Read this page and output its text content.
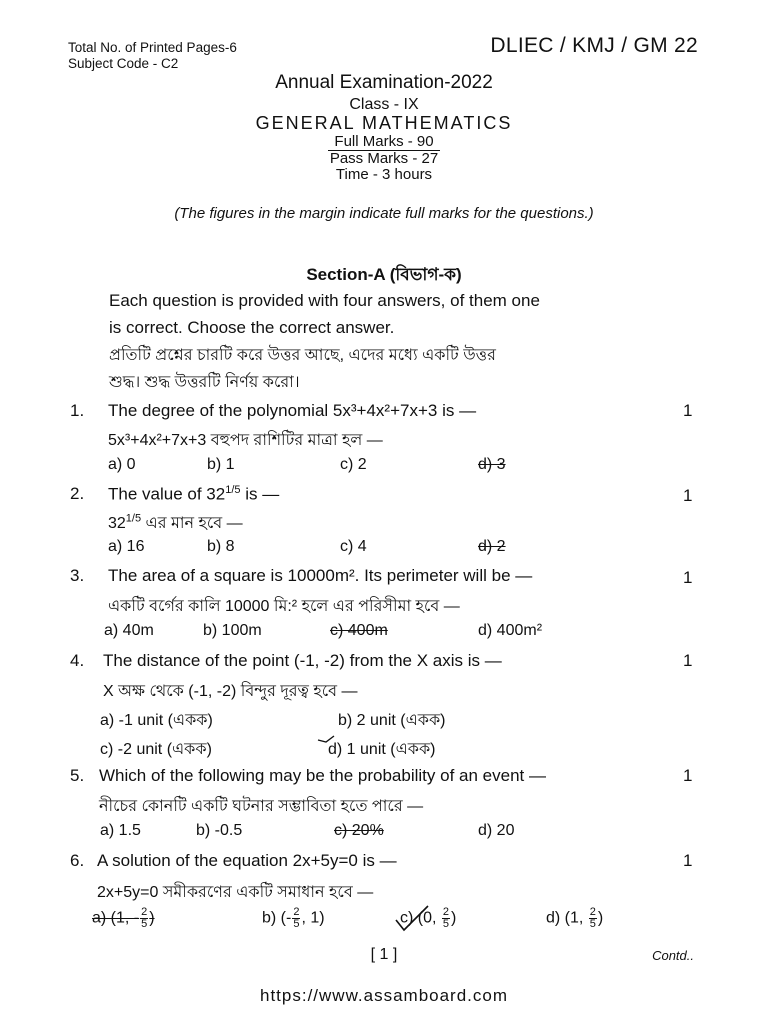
Total No. of Printed Pages-6
Subject Code - C2
DLIEC / KMJ / GM 22
Annual Examination-2022
Class - IX
GENERAL MATHEMATICS
Full Marks - 90
Pass Marks - 27
Time - 3 hours
(The figures in the margin indicate full marks for the questions.)
Section-A (বিভাগ-ক)
Each question is provided with four answers, of them one
is correct. Choose the correct answer.
প্রতিটি প্রশ্নের চারটি করে উত্তর আছে, এদের মধ্যে একটি উত্তর
শুদ্ধ। শুদ্ধ উত্তরটি নির্ণয় করো।
1. The degree of the polynomial 5x³+4x²+7x+3 is —	1
5x³+4x²+7x+3 বহুপদ রাশিটির মাত্রা হল —
a) 0	b) 1	c) 2	d) 3
2. The value of $32^{1/5}$ is —	1
$32^{1/5}$ এর মান হবে —
a) 16	b) 8	c) 4	d) 2
3. The area of a square is 10000m². Its perimeter will be —	1
একটি বর্গের কালি 10000 মি:² হলে এর পরিসীমা হবে —
a) 40m	b) 100m	c) 400m	d) 400m²
4. The distance of the point (-1, -2) from the X axis is —	1
X অক্ষ থেকে (-1, -2) বিন্দুর দূরত্ব হবে —
a) -1 unit (একক)	b) 2 unit (একক)
c) -2 unit (একক)	d) 1 unit (একক)
5. Which of the following may be the probability of an event —	1
নীচের কোনটি একটি ঘটনার সম্ভাবিতা হতে পারে —
a) 1.5	b) -0.5	c) 20%	d) 20
6. A solution of the equation 2x+5y=0 is —	1
2x+5y=0 সমীকরণের একটি সমাধান হবে —
a) (1, - $\frac{2}{5}$ )	b) (- $\frac{2}{5}$ , 1)	c) (0, $\frac{2}{5}$ )	d) (1, $\frac{2}{5}$ )
[ 1 ]	Contd..
https://www.assamboard.com
